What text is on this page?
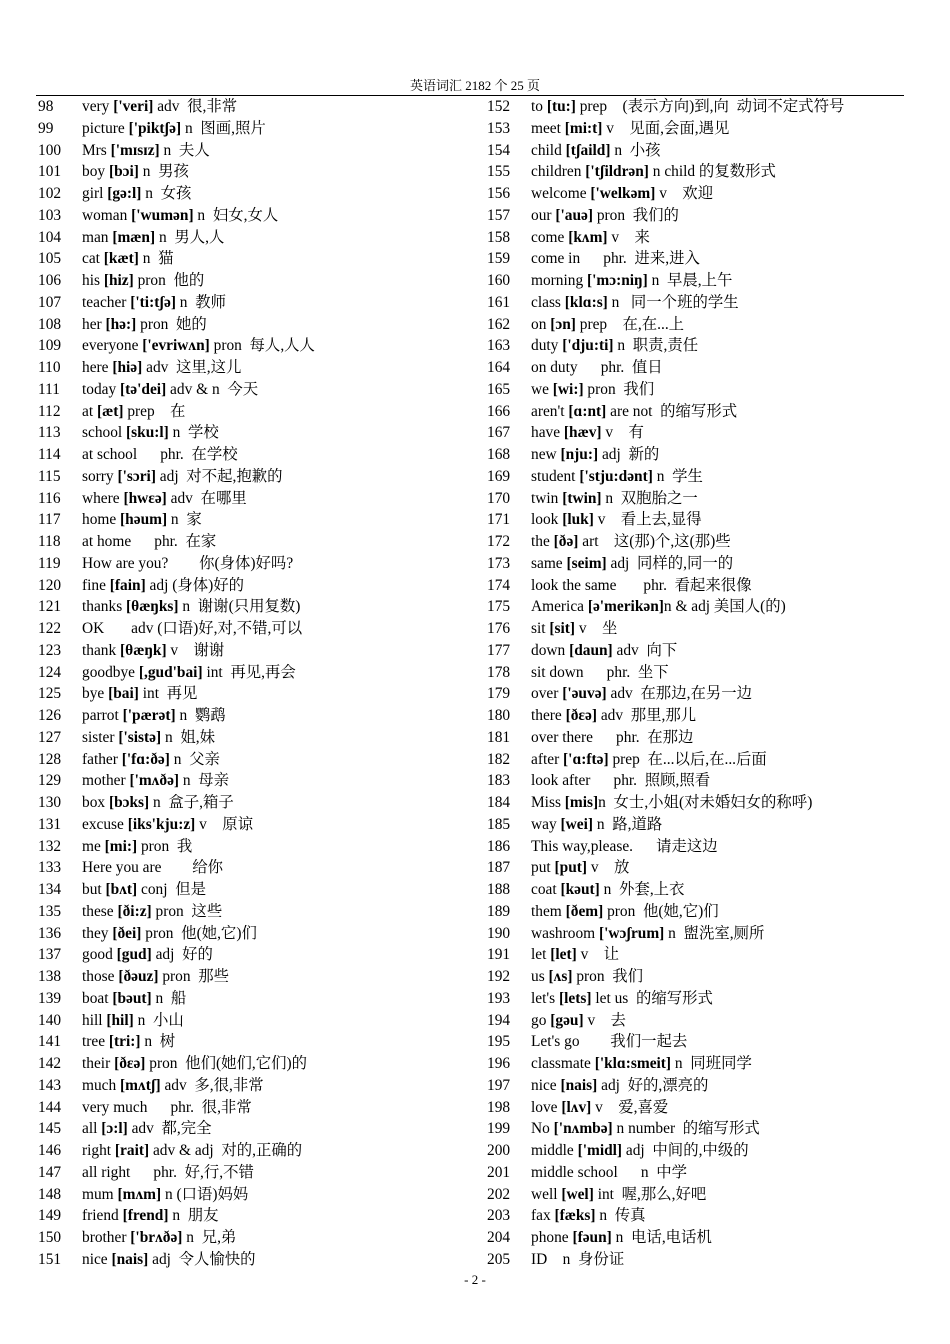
英语词汇 2182 个 25 页
98 very ['veri] adv  很,非常
99 picture ['piktʃə] n  图画,照片
100 Mrs ['mɪsɪz] n  夫人
101 boy [bɔi] n  男孩
102 girl [gə:l] n  女孩
103 woman ['wumən] n  妇女,女人
104 man [mæn] n  男人,人
105 cat [kæt] n  猫
106 his [hiz] pron  他的
107 teacher ['ti:tʃə] n  教师
108 her [hə:] pron  她的
109 everyone ['evriwʌn] pron  每人,人人
110 here [hiə] adv  这里,这儿
111 today [tə'dei] adv & n  今天
112 at [æt] prep    在
113 school [sku:l] n  学校
114 at school      phr.  在学校
115 sorry ['sɔri] adj  对不起,抱歉的
116 where [hwεə] adv  在哪里
117 home [həum] n  家
118 at home      phr.  在家
119 How are you?        你(身体)好吗?
120 fine [fain] adj (身体)好的
121 thanks [θæŋks] n  谢谢(只用复数)
122 OK       adv (口语)好,对,不错,可以
123 thank [θæŋk] v    谢谢
124 goodbye [,gud'bai] int  再见,再会
125 bye [bai] int  再见
126 parrot ['pærət] n  鹦鹉
127 sister ['sistə] n  姐,妹
128 father ['fɑ:ðə] n  父亲
129 mother ['mʌðə] n  母亲
130 box [bɔks] n  盒子,箱子
131 excuse [iks'kju:z] v    原谅
132 me [mi:] pron  我
133 Here you are        给你
134 but [bʌt] conj  但是
135 these [ði:z] pron  这些
136 they [ðei] pron  他(她,它)们
137 good [gud] adj  好的
138 those [ðəuz] pron  那些
139 boat [bəut] n  船
140 hill [hil] n  小山
141 tree [tri:] n  树
142 their [ðεə] pron  他们(她们,它们)的
143 much [mʌtʃ] adv  多,很,非常
144 very much      phr.  很,非常
145 all [ɔ:l] adv  都,完全
146 right [rait] adv & adj  对的,正确的
147 all right      phr.  好,行,不错
148 mum [mʌm] n (口语)妈妈
149 friend [frend] n  朋友
150 brother ['brʌðə] n  兄,弟
151 nice [nais] adj  令人愉快的
152 to [tu:] prep    (表示方向)到,向  动词不定式符号
153 meet [mi:t] v    见面,会面,遇见
154 child [tʃaild] n  小孩
155 children ['tʃildrən] n child 的复数形式
156 welcome ['welkəm] v    欢迎
157 our ['auə] pron  我们的
158 come [kʌm] v    来
159 come in      phr.  进来,进入
160 morning ['mɔ:niŋ] n  早晨,上午
161 class [klɑ:s] n   同一个班的学生
162 on [ɔn] prep    在,在...上
163 duty ['dju:ti] n  职责,责任
164 on duty      phr.  值日
165 we [wi:] pron  我们
166 aren't [ɑ:nt] are not  的缩写形式
167 have [hæv] v    有
168 new [nju:] adj  新的
169 student ['stju:dənt] n  学生
170 twin [twin] n  双胞胎之一
171 look [luk] v    看上去,显得
172 the [ðə] art    这(那)个,这(那)些
173 same [seim] adj  同样的,同一的
174 look the same       phr.  看起来很像
175 America [ə'merikən]n & adj 美国人(的)
176 sit [sit] v    坐
177 down [daun] adv  向下
178 sit down      phr.  坐下
179 over ['əuvə] adv  在那边,在另一边
180 there [ðεə] adv  那里,那儿
181 over there      phr.  在那边
182 after ['ɑ:ftə] prep  在...以后,在...后面
183 look after      phr.  照顾,照看
184 Miss [mis]n  女士,小姐(对未婚妇女的称呼)
185 way [wei] n  路,道路
186 This way,please.      请走这边
187 put [put] v    放
188 coat [kəut] n  外套,上衣
189 them [ðem] pron  他(她,它)们
190 washroom ['wɔʃrum] n  盥洗室,厕所
191 let [let] v    让
192 us [ʌs] pron  我们
193 let's [lets] let us  的缩写形式
194 go [gəu] v    去
195 Let's go        我们一起去
196 classmate ['klɑ:smeit] n  同班同学
197 nice [nais] adj  好的,漂亮的
198 love [lʌv] v    爱,喜爱
199 No ['nʌmbə] n number  的缩写形式
200 middle ['midl] adj  中间的,中级的
201 middle school      n  中学
202 well [wel] int  喔,那么,好吧
203 fax [fæks] n  传真
204 phone [fəun] n  电话,电话机
205 ID    n  身份证
- 2 -
